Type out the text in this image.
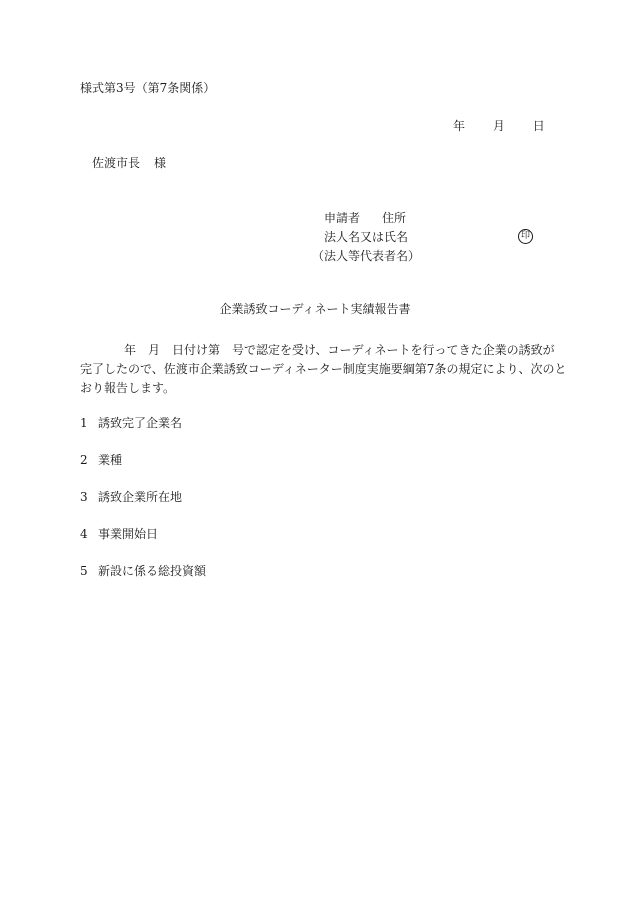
様式第3号（第7条関係）
年 月 日
佐渡市長 様
申請者 住所
法人名又は氏名
（法人等代表者名）
印
企業誘致コーディネート実績報告書
年　月　日付け第　号で認定を受け、コーディネートを行ってきた企業の誘致が
完了したので、佐渡市企業誘致コーディネーター制度実施要綱第7条の規定により、次のと
おり報告します。
1 誘致完了企業名
2 業種
3 誘致企業所在地
4 事業開始日
5 新設に係る総投資額
